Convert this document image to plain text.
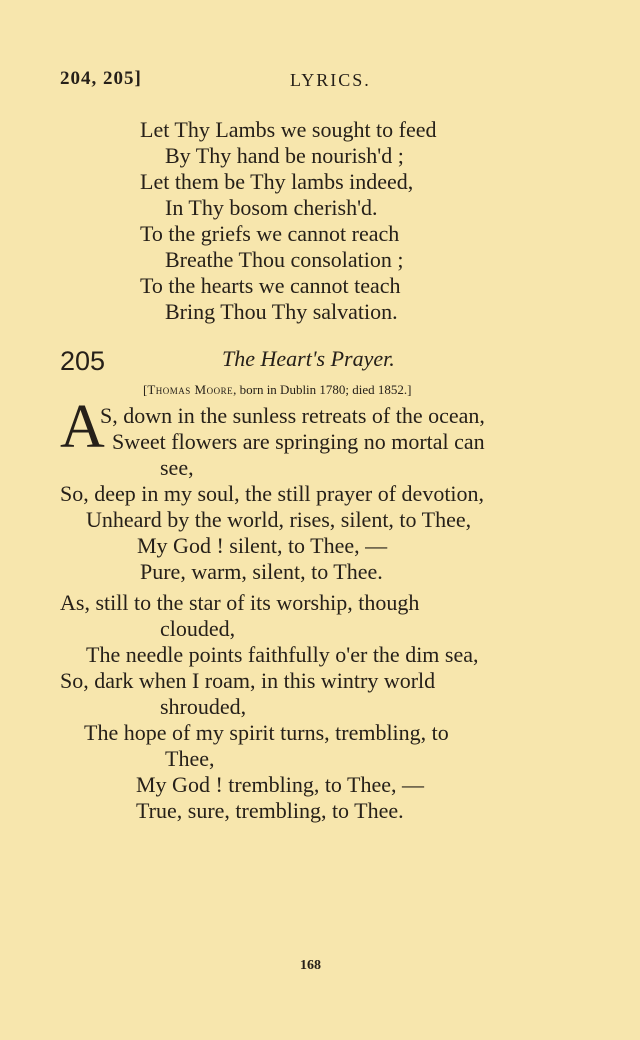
204, 205]	LYRICS.
Let Thy Lambs we sought to feed
By Thy hand be nourish'd ;
Let them be Thy lambs indeed,
In Thy bosom cherish'd.
To the griefs we cannot reach
Breathe Thou consolation ;
To the hearts we cannot teach
Bring Thou Thy salvation.
205	The Heart's Prayer.
[Thomas Moore, born in Dublin 1780; died 1852.]
A
S, down in the sunless retreats of the ocean,
Sweet flowers are springing no mortal can
see,
So, deep in my soul, the still prayer of devotion,
Unheard by the world, rises, silent, to Thee,
My God ! silent, to Thee, —
Pure, warm, silent, to Thee.
As, still to the star of its worship, though
clouded,
The needle points faithfully o'er the dim sea,
So, dark when I roam, in this wintry world
shrouded,
The hope of my spirit turns, trembling, to
Thee,
My God ! trembling, to Thee, —
True, sure, trembling, to Thee.
168
